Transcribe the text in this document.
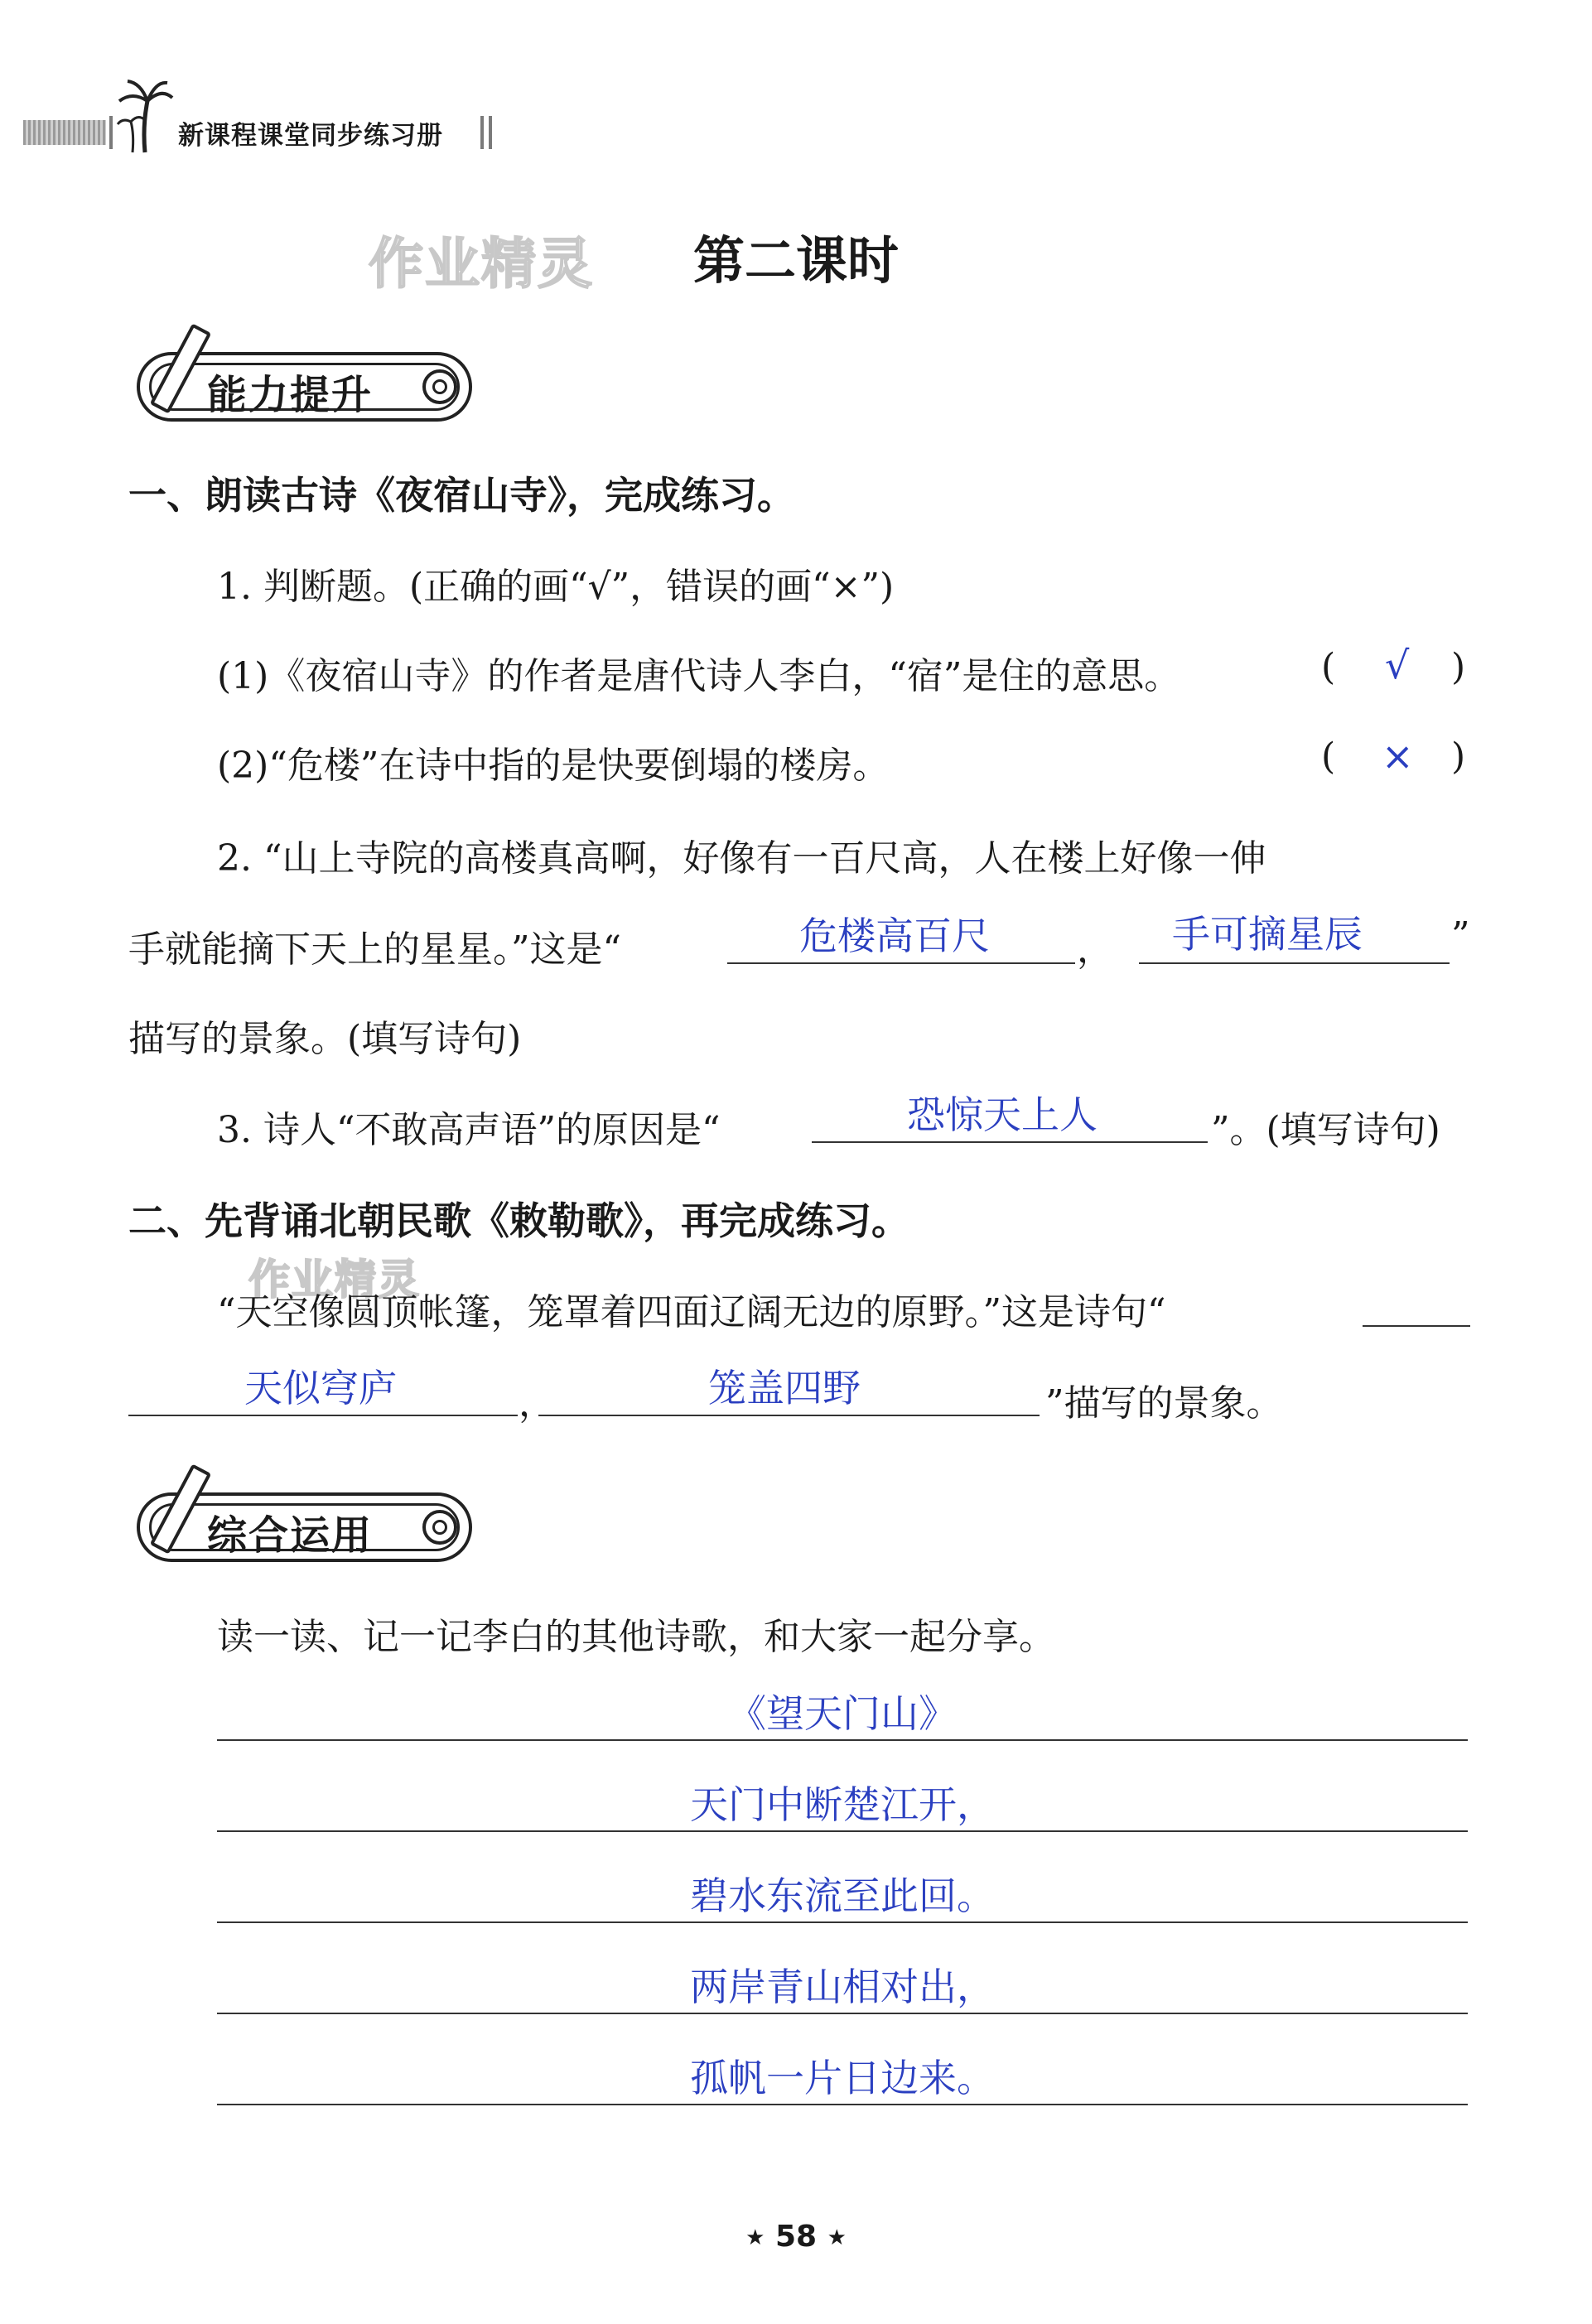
新课程课堂同步练习册
作业精灵	第二课时
能力提升
一、朗读古诗《夜宿山寺》，完成练习。
1. 判断题。(正确的画“√”，错误的画“×”)
(1)《夜宿山寺》的作者是唐代诗人李白，“宿”是住的意思。	( √ )
(2)“危楼”在诗中指的是快要倒塌的楼房。	( × )
2. “山上寺院的高楼真高啊，好像有一百尺高，人在楼上好像一伸
手就能摘下天上的星星。”这是“	危楼高百尺 ， 手可摘星辰 ”
描写的景象。(填写诗句)
3. 诗人“不敢高声语”的原因是“	恐惊天上人	”。(填写诗句)
二、先背诵北朝民歌《敕勒歌》，再完成练习。
作业精灵
“天空像圆顶帐篷，笼罩着四面辽阔无边的原野。”这是诗句“
天似穹庐	，	笼盖四野	”描写的景象。
综合运用
读一读、记一记李白的其他诗歌，和大家一起分享。
《望天门山》
天门中断楚江开，
碧水东流至此回。
两岸青山相对出，
孤帆一片日边来。
★ 58 ★
